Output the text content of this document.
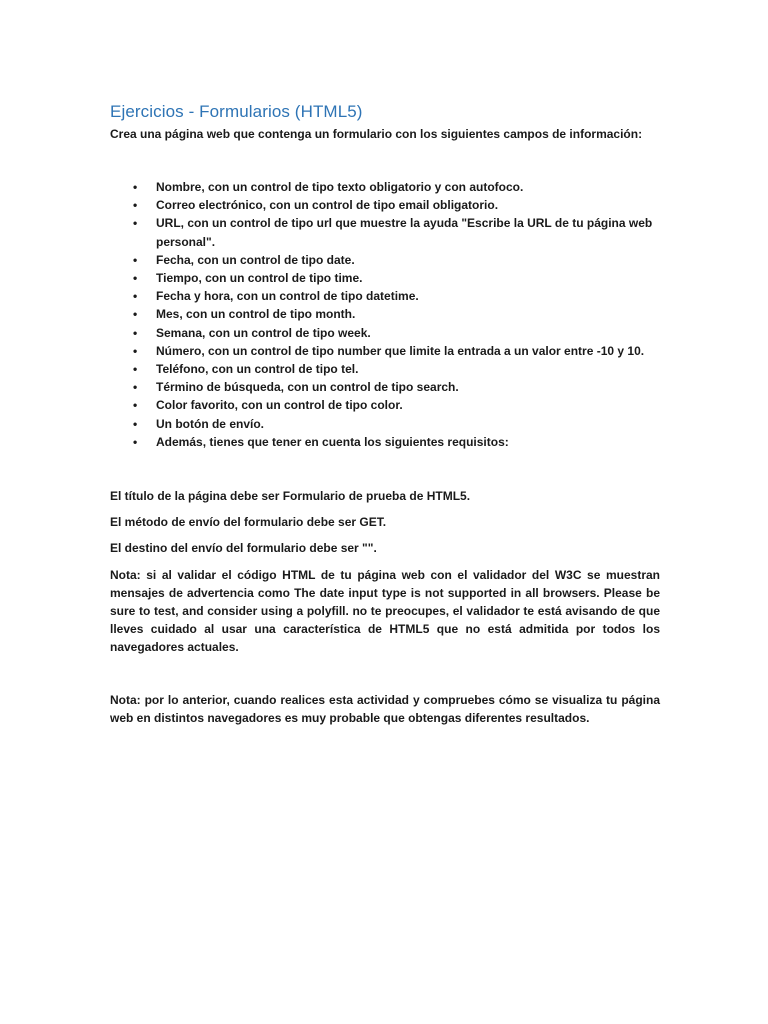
Ejercicios - Formularios (HTML5)

Crea una página web que contenga un formulario con los siguientes campos de información:

• Nombre, con un control de tipo texto obligatorio y con autofoco.
• Correo electrónico, con un control de tipo email obligatorio.
• URL, con un control de tipo url que muestre la ayuda "Escribe la URL de tu página web personal".
• Fecha, con un control de tipo date.
• Tiempo, con un control de tipo time.
• Fecha y hora, con un control de tipo datetime.
• Mes, con un control de tipo month.
• Semana, con un control de tipo week.
• Número, con un control de tipo number que limite la entrada a un valor entre -10 y 10.
• Teléfono, con un control de tipo tel.
• Término de búsqueda, con un control de tipo search.
• Color favorito, con un control de tipo color.
• Un botón de envío.
• Además, tienes que tener en cuenta los siguientes requisitos:

El título de la página debe ser Formulario de prueba de HTML5.

El método de envío del formulario debe ser GET.

El destino del envío del formulario debe ser "".

Nota: si al validar el código HTML de tu página web con el validador del W3C se muestran mensajes de advertencia como The date input type is not supported in all browsers. Please be sure to test, and consider using a polyfill. no te preocupes, el validador te está avisando de que lleves cuidado al usar una característica de HTML5 que no está admitida por todos los navegadores actuales.

Nota: por lo anterior, cuando realices esta actividad y compruebes cómo se visualiza tu página web en distintos navegadores es muy probable que obtengas diferentes resultados.
